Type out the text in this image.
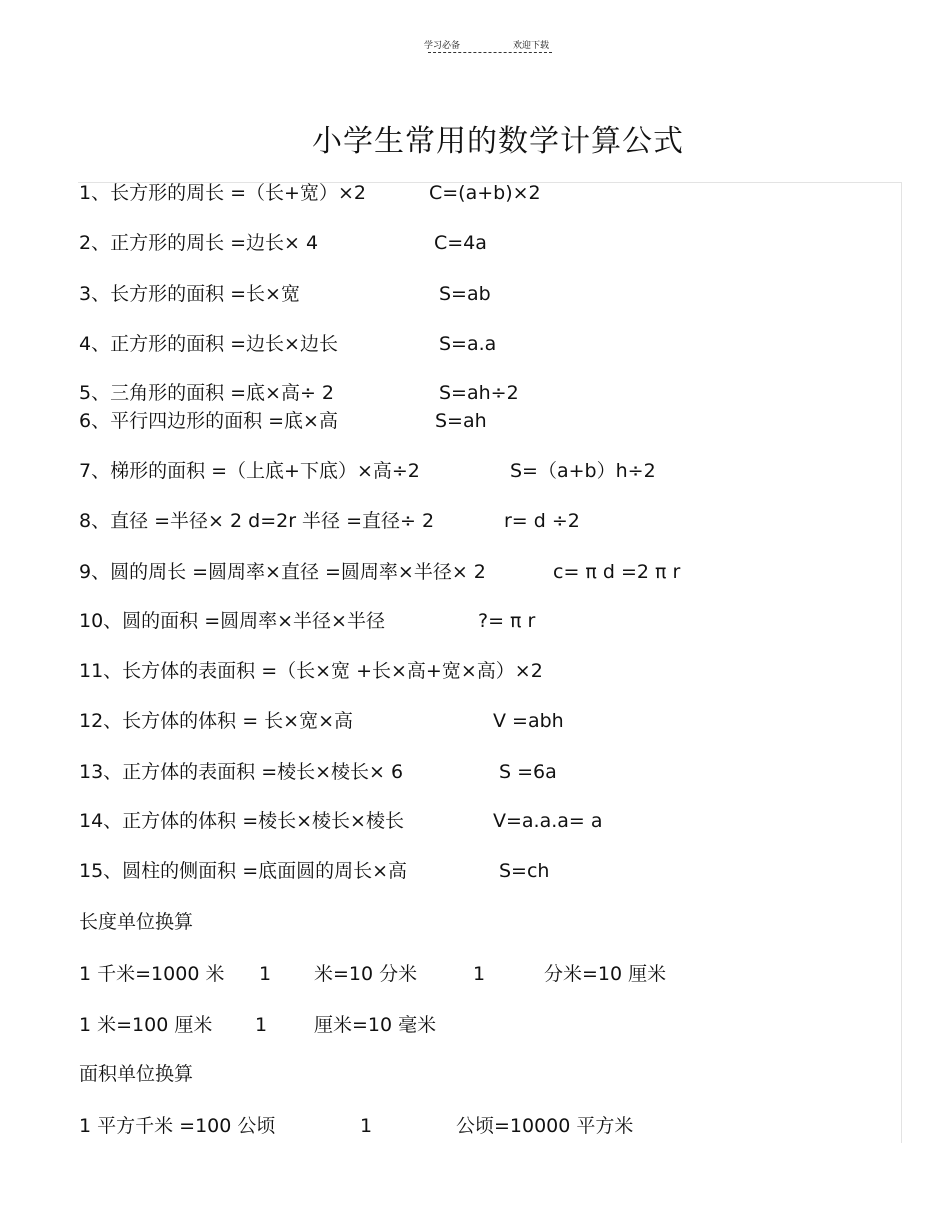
学习必备	欢迎下载
小学生常用的数学计算公式
1、长方形的周长 =（长+宽）×2	C=(a+b)×2
2、正方形的周长 =边长× 4	C=4a
3、长方形的面积 =长×宽	S=ab
4、正方形的面积 =边长×边长	S=a.a
5、三角形的面积 =底×高÷ 2	S=ah÷2
6、平行四边形的面积 =底×高	S=ah
7、梯形的面积 =（上底+下底）×高÷2	S=（a+b）h÷2
8、直径 =半径× 2 d=2r 半径 =直径÷ 2	r= d ÷2
9、圆的周长 =圆周率×直径 =圆周率×半径× 2	c= π d =2 π r
10、圆的面积 =圆周率×半径×半径	?= π r
11、长方体的表面积 =（长×宽 +长×高+宽×高）×2
12、长方体的体积 = 长×宽×高	V =abh
13、正方体的表面积 =棱长×棱长× 6	S =6a
14、正方体的体积 =棱长×棱长×棱长	V=a.a.a= a
15、圆柱的侧面积 =底面圆的周长×高	S=ch
长度单位换算
1 千米=1000 米 1 米=10 分米	1	分米=10 厘米
1 米=100 厘米 1 厘米=10 毫米
面积单位换算
1 平方千米 =100 公顷	1	公顷=10000 平方米
